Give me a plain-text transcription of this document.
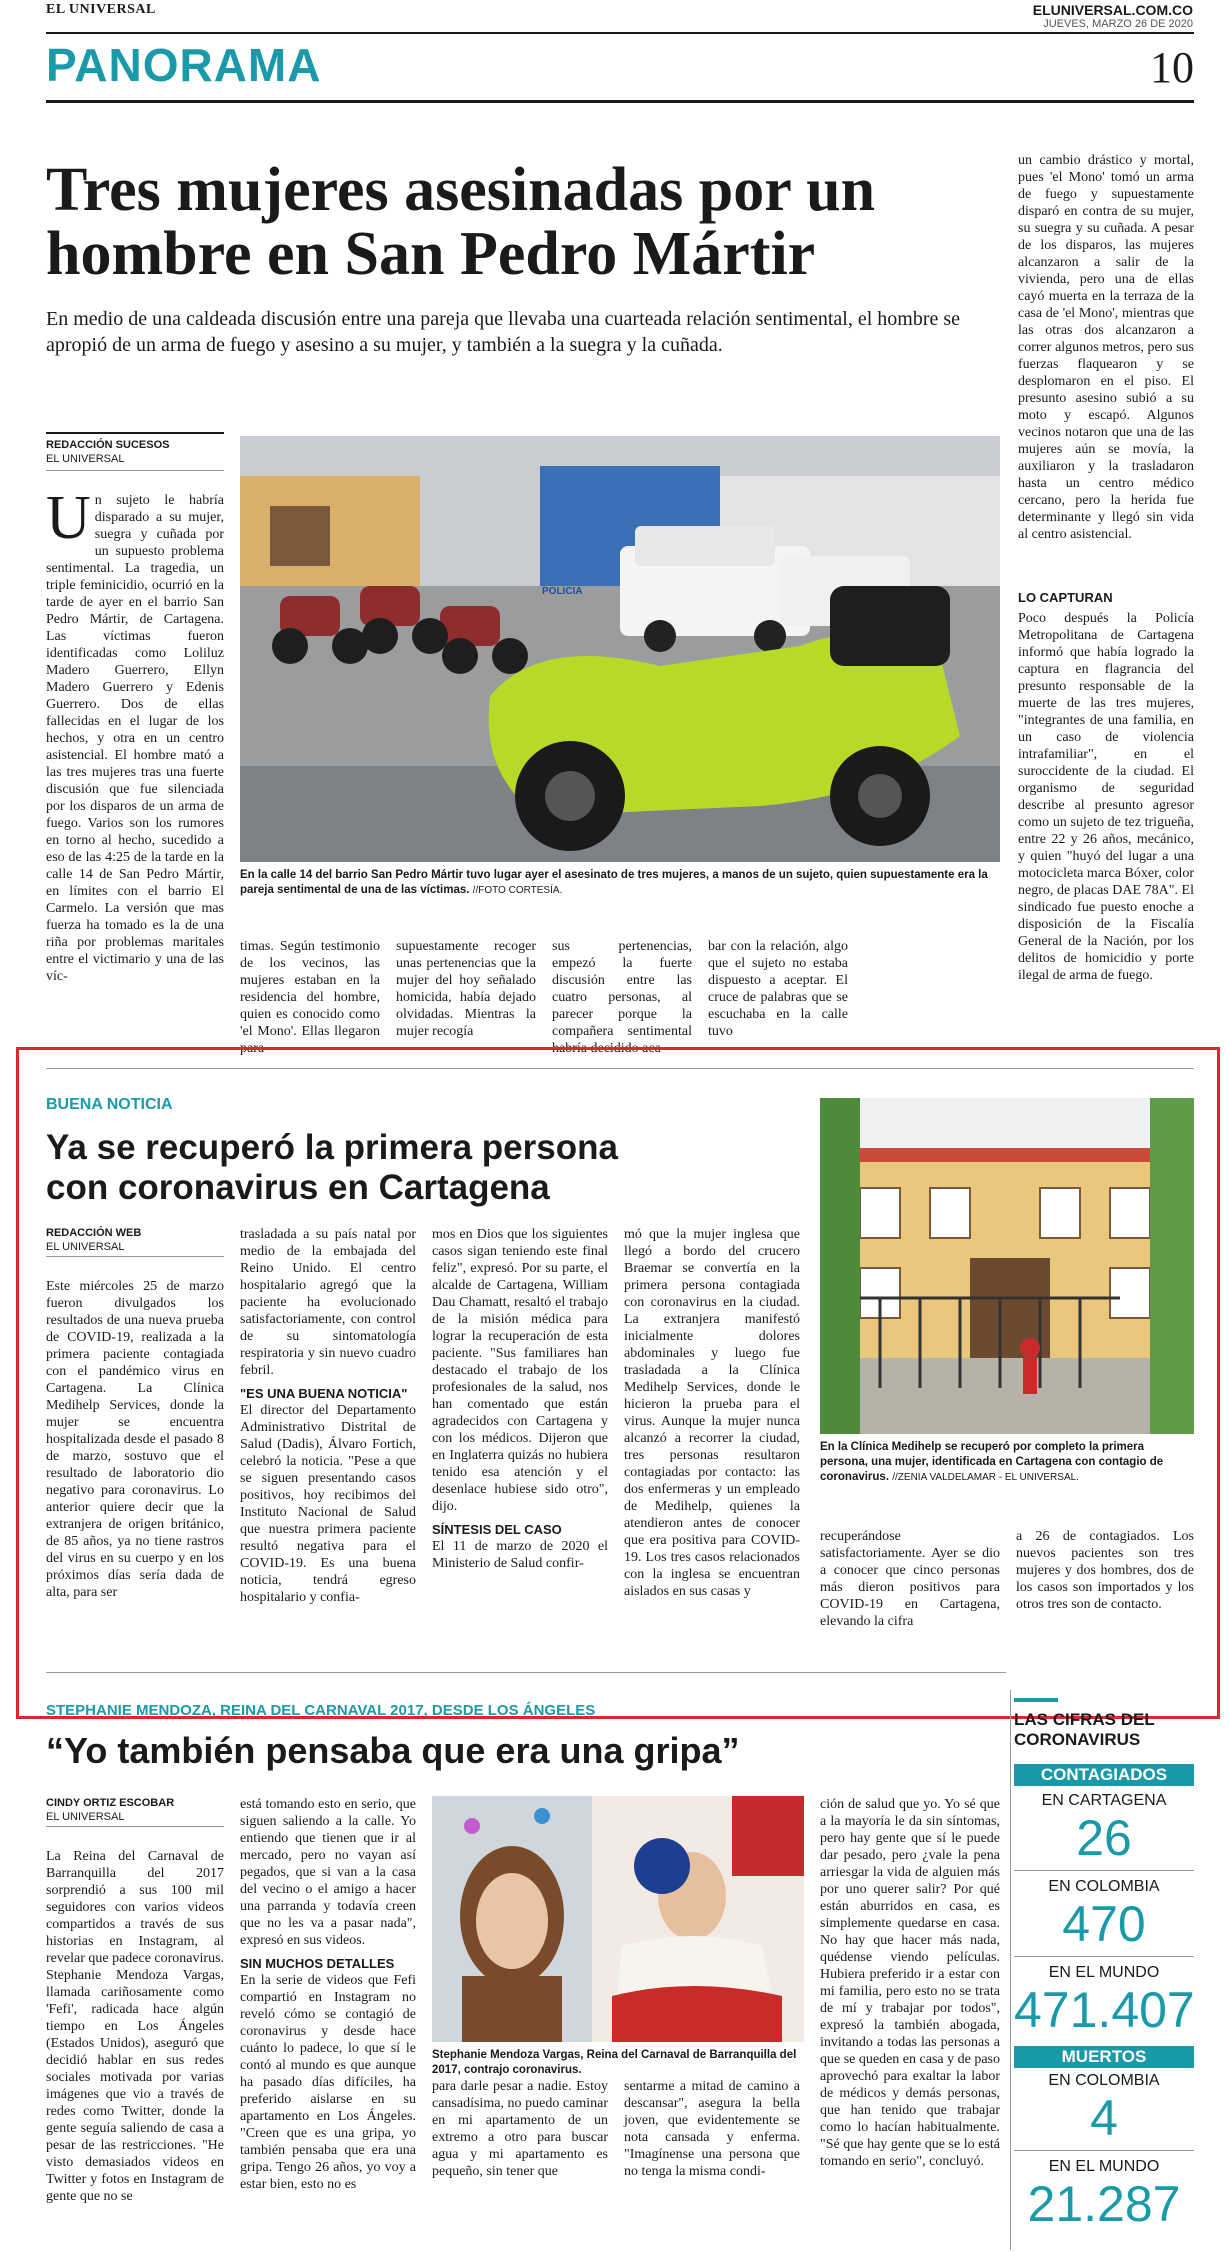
EL UNIVERSAL	ELUNIVERSAL.COM.CO
JUEVES, MARZO 26 DE 2020
PANORAMA	10
Tres mujeres asesinadas por un
hombre en San Pedro Mártir
En medio de una caldeada discusión entre una pareja que llevaba una cuarteada relación sentimental, el hombre se apropió de un arma de fuego y asesino a su mujer, y también a la suegra y la cuñada.
REDACCIÓN SUCESOS
EL UNIVERSAL
U n sujeto le habría disparado a su mujer, suegra y cuñada por un supuesto problema sentimental. La tragedia, un triple feminicidio, ocurrió en la tarde de ayer en el barrio San Pedro Mártir, de Cartagena. Las víctimas fueron identificadas como Loliluz Madero Guerrero, Ellyn Madero Guerrero y Edenis Guerrero. Dos de ellas fallecidas en el lugar de los hechos, y otra en un centro asistencial. El hombre mató a las tres mujeres tras una fuerte discusión que fue silenciada por los disparos de un arma de fuego. Varios son los rumores en torno al hecho, sucedido a eso de las 4:25 de la tarde en la calle 14 de San Pedro Mártir, en límites con el barrio El Carmelo. La versión que mas fuerza ha tomado es la de una riña por problemas maritales entre el victimario y una de las víc-
POLICIA
En la calle 14 del barrio San Pedro Mártir tuvo lugar ayer el asesinato de tres mujeres, a manos de un sujeto, quien supuestamente era la pareja sentimental de una de las víctimas. //FOTO CORTESÍA.
timas. Según testimonio de los vecinos, las mujeres estaban en la residencia del hombre, quien es conocido como 'el Mono'. Ellas llegaron para
supuestamente recoger unas pertenencias que la mujer del hoy señalado homicida, había dejado olvidadas. Mientras la mujer recogía
sus pertenencias, empezó la fuerte discusión entre las cuatro personas, al parecer porque la compañera sentimental habría decidido aca-
bar con la relación, algo que el sujeto no estaba dispuesto a aceptar. El cruce de palabras que se escuchaba en la calle tuvo
un cambio drástico y mortal, pues 'el Mono' tomó un arma de fuego y supuestamente disparó en contra de su mujer, su suegra y su cuñada. A pesar de los disparos, las mujeres alcanzaron a salir de la vivienda, pero una de ellas cayó muerta en la terraza de la casa de 'el Mono', mientras que las otras dos alcanzaron a correr algunos metros, pero sus fuerzas flaquearon y se desplomaron en el piso. El presunto asesino subió a su moto y escapó. Algunos vecinos notaron que una de las mujeres aún se movía, la auxiliaron y la trasladaron hasta un centro médico cercano, pero la herida fue determinante y llegó sin vida al centro asistencial.
LO CAPTURAN
Poco después la Policía Metropolitana de Cartagena informó que había logrado la captura en flagrancia del presunto responsable de la muerte de las tres mujeres, "integrantes de una familia, en un caso de violencia intrafamiliar", en el suroccidente de la ciudad. El organismo de seguridad describe al presunto agresor como un sujeto de tez trigueña, entre 22 y 26 años, mecánico, y quien "huyó del lugar a una motocicleta marca Bóxer, color negro, de placas DAE 78A". El sindicado fue puesto enoche a disposición de la Fiscalía General de la Nación, por los delitos de homicidio y porte ilegal de arma de fuego.
BUENA NOTICIA
Ya se recuperó la primera persona
con coronavirus en Cartagena
REDACCIÓN WEB
EL UNIVERSAL
Este miércoles 25 de marzo fueron divulgados los resultados de una nueva prueba de COVID-19, realizada a la primera paciente contagiada con el pandémico virus en Cartagena. La Clínica Medihelp Services, donde la mujer se encuentra hospitalizada desde el pasado 8 de marzo, sostuvo que el resultado de laboratorio dio negativo para coronavirus. Lo anterior quiere decir que la extranjera de origen británico, de 85 años, ya no tiene rastros del virus en su cuerpo y en los próximos días sería dada de alta, para ser
trasladada a su país natal por medio de la embajada del Reino Unido. El centro hospitalario agregó que la paciente ha evolucionado satisfactoriamente, con control de su sintomatología respiratoria y sin nuevo cuadro febril.
"ES UNA BUENA NOTICIA"
El director del Departamento Administrativo Distrital de Salud (Dadis), Álvaro Fortich, celebró la noticia. "Pese a que se siguen presentando casos positivos, hoy recibimos del Instituto Nacional de Salud que nuestra primera paciente resultó negativa para el COVID-19. Es una buena noticia, tendrá egreso hospitalario y confia-
mos en Dios que los siguientes casos sigan teniendo este final feliz", expresó. Por su parte, el alcalde de Cartagena, William Dau Chamatt, resaltó el trabajo de la misión médica para lograr la recuperación de esta paciente. "Sus familiares han destacado el trabajo de los profesionales de la salud, nos han comentado que están agradecidos con Cartagena y con los médicos. Dijeron que en Inglaterra quizás no hubiera tenido esa atención y el desenlace hubiese sido otro", dijo.
SÍNTESIS DEL CASO
El 11 de marzo de 2020 el Ministerio de Salud confir-
mó que la mujer inglesa que llegó a bordo del crucero Braemar se convertía en la primera persona contagiada con coronavirus en la ciudad. La extranjera manifestó inicialmente dolores abdominales y luego fue trasladada a la Clínica Medihelp Services, donde le hicieron la prueba para el virus. Aunque la mujer nunca alcanzó a recorrer la ciudad, tres personas resultaron contagiadas por contacto: las dos enfermeras y un empleado de Medihelp, quienes la atendieron antes de conocer que era positiva para COVID-19. Los tres casos relacionados con la inglesa se encuentran aislados en sus casas y
En la Clínica Medihelp se recuperó por completo la primera persona, una mujer, identificada en Cartagena con contagio de coronavirus. //ZENIA VALDELAMAR - EL UNIVERSAL.
recuperándose satisfactoriamente. Ayer se dio a conocer que cinco personas más dieron positivos para COVID-19 en Cartagena, elevando la cifra
a 26 de contagiados. Los nuevos pacientes son tres mujeres y dos hombres, dos de los casos son importados y los otros tres son de contacto.
STEPHANIE MENDOZA, REINA DEL CARNAVAL 2017, DESDE LOS ÁNGELES
“Yo también pensaba que era una gripa”
CINDY ORTIZ ESCOBAR
EL UNIVERSAL
La Reina del Carnaval de Barranquilla del 2017 sorprendió a sus 100 mil seguidores con varios videos compartidos a través de sus historias en Instagram, al revelar que padece coronavirus. Stephanie Mendoza Vargas, llamada cariñosamente como 'Fefi', radicada hace algún tiempo en Los Ángeles (Estados Unidos), aseguró que decidió hablar en sus redes sociales motivada por varias imágenes que vio a través de redes como Twitter, donde la gente seguía saliendo de casa a pesar de las restricciones. "He visto demasiados videos en Twitter y fotos en Instagram de gente que no se
está tomando esto en serio, que siguen saliendo a la calle. Yo entiendo que tienen que ir al mercado, pero no vayan así pegados, que si van a la casa del vecino o el amigo a hacer una parranda y todavía creen que no les va a pasar nada", expresó en sus videos.
SIN MUCHOS DETALLES
En la serie de videos que Fefi compartió en Instagram no reveló cómo se contagió de coronavirus y desde hace cuánto lo padece, lo que sí le contó al mundo es que aunque ha pasado días difíciles, ha preferido aislarse en su apartamento en Los Ángeles. "Creen que es una gripa, yo también pensaba que era una gripa. Tengo 26 años, yo voy a estar bien, esto no es
Stephanie Mendoza Vargas, Reina del Carnaval de Barranquilla del 2017, contrajo coronavirus.
para darle pesar a nadie. Estoy cansadísima, no puedo caminar en mi apartamento de un extremo a otro para buscar agua y mi apartamento es pequeño, sin tener que
sentarme a mitad de camino a descansar", asegura la bella joven, que evidentemente se nota cansada y enferma. "Imagínense una persona que no tenga la misma condi-
ción de salud que yo. Yo sé que a la mayoría le da sin síntomas, pero hay gente que sí le puede dar pesado, pero ¿vale la pena arriesgar la vida de alguien más por uno querer salir? Por qué están aburridos en casa, es simplemente quedarse en casa. No hay que hacer más nada, quédense viendo películas. Hubiera preferido ir a estar con mi familia, pero esto no se trata de mí y trabajar por todos", expresó la también abogada, invitando a todas las personas a que se queden en casa y de paso aprovechó para exaltar la labor de médicos y demás personas, que han tenido que trabajar como lo hacían habitualmente. "Sé que hay gente que se lo está tomando en serio", concluyó.
LAS CIFRAS DEL
CORONAVIRUS
CONTAGIADOS
EN CARTAGENA
26
EN COLOMBIA
470
EN EL MUNDO
471.407
MUERTOS
EN COLOMBIA
4
EN EL MUNDO
21.287
